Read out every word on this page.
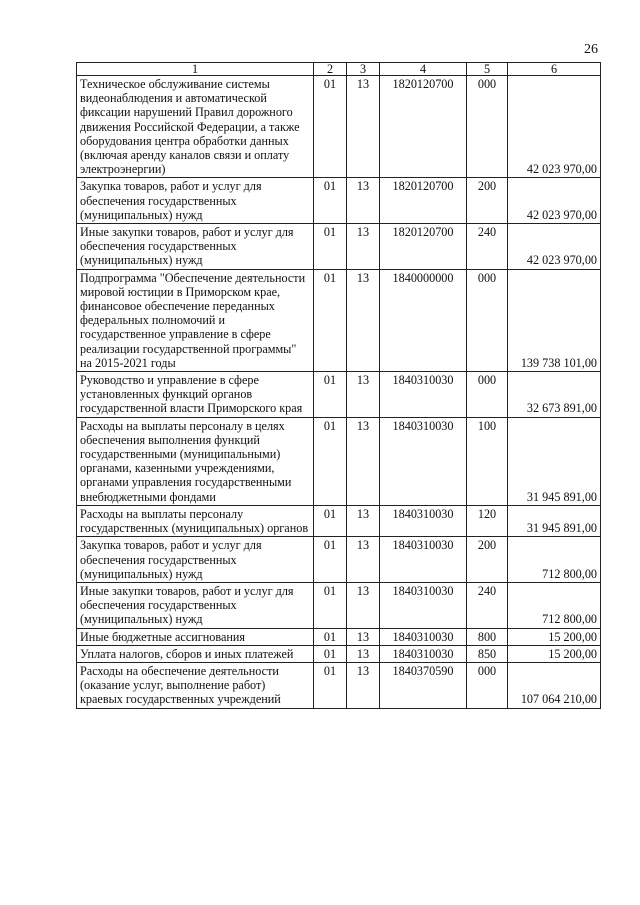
26
1	2	3	4	5	6
Техническое обслуживание системы видеонаблюдения и автоматической фиксации нарушений Правил дорожного движения Российской Федерации, а также оборудования центра обработки данных (включая аренду каналов связи и оплату электроэнергии)	01	13	1820120700	000	42 023 970,00
Закупка товаров, работ и услуг для обеспечения государственных (муниципальных) нужд	01	13	1820120700	200	42 023 970,00
Иные закупки товаров, работ и услуг для обеспечения государственных (муниципальных) нужд	01	13	1820120700	240	42 023 970,00
Подпрограмма "Обеспечение деятельности мировой юстиции в Приморском крае, финансовое обеспечение переданных федеральных полномочий и государственное управление в сфере реализации государственной программы" на 2015-2021 годы	01	13	1840000000	000	139 738 101,00
Руководство и управление в сфере установленных функций органов государственной власти Приморского края	01	13	1840310030	000	32 673 891,00
Расходы на выплаты персоналу в целях обеспечения выполнения функций государственными (муниципальными) органами, казенными учреждениями, органами управления государственными внебюджетными фондами	01	13	1840310030	100	31 945 891,00
Расходы на выплаты персоналу государственных (муниципальных) органов	01	13	1840310030	120	31 945 891,00
Закупка товаров, работ и услуг для обеспечения государственных (муниципальных) нужд	01	13	1840310030	200	712 800,00
Иные закупки товаров, работ и услуг для обеспечения государственных (муниципальных) нужд	01	13	1840310030	240	712 800,00
Иные бюджетные ассигнования	01	13	1840310030	800	15 200,00
Уплата налогов, сборов и иных платежей	01	13	1840310030	850	15 200,00
Расходы на обеспечение деятельности (оказание услуг, выполнение работ) краевых государственных учреждений	01	13	1840370590	000	107 064 210,00
